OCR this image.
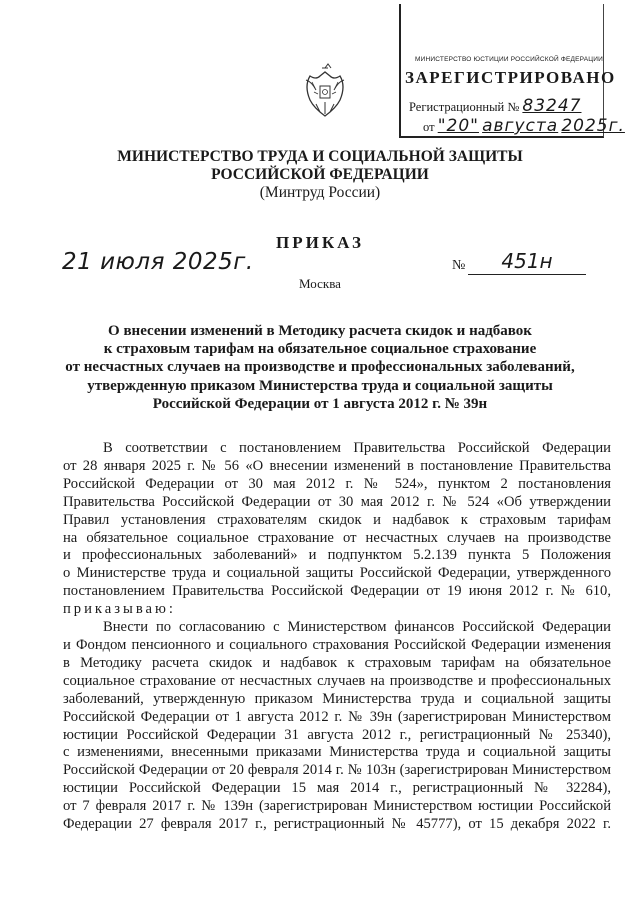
МИНИСТЕРСТВО ЮСТИЦИИ РОССИЙСКОЙ ФЕДЕРАЦИИ
ЗАРЕГИСТРИРОВАНО
Регистрационный № 83247
от "20" августа 2025г.
МИНИСТЕРСТВО ТРУДА И СОЦИАЛЬНОЙ ЗАЩИТЫ
РОССИЙСКОЙ ФЕДЕРАЦИИ
(Минтруд России)
ПРИКАЗ
21 июля 2025г.	№	451н
Москва
О внесении изменений в Методику расчета скидок и надбавок
к страховым тарифам на обязательное социальное страхование
от несчастных случаев на производстве и профессиональных заболеваний,
утвержденную приказом Министерства труда и социальной защиты
Российской Федерации от 1 августа 2012 г. № 39н

В соответствии с постановлением Правительства Российской Федерации
от 28 января 2025 г. № 56 «О внесении изменений в постановление Правительства
Российской Федерации от 30 мая 2012 г. № 524», пунктом 2 постановления
Правительства Российской Федерации от 30 мая 2012 г. № 524 «Об утверждении
Правил установления страхователям скидок и надбавок к страховым тарифам
на обязательное социальное страхование от несчастных случаев на производстве
и профессиональных заболеваний» и подпунктом 5.2.139 пункта 5 Положения
о Министерстве труда и социальной защиты Российской Федерации, утвержденного
постановлением Правительства Российской Федерации от 19 июня 2012 г. № 610,
приказываю:

Внести по согласованию с Министерством финансов Российской Федерации
и Фондом пенсионного и социального страхования Российской Федерации изменения
в Методику расчета скидок и надбавок к страховым тарифам на обязательное
социальное страхование от несчастных случаев на производстве и профессиональных
заболеваний, утвержденную приказом Министерства труда и социальной защиты
Российской Федерации от 1 августа 2012 г. № 39н (зарегистрирован Министерством
юстиции Российской Федерации 31 августа 2012 г., регистрационный № 25340),
с изменениями, внесенными приказами Министерства труда и социальной защиты
Российской Федерации от 20 февраля 2014 г. № 103н (зарегистрирован Министерством
юстиции Российской Федерации 15 мая 2014 г., регистрационный № 32284),
от 7 февраля 2017 г. № 139н (зарегистрирован Министерством юстиции Российской
Федерации 27 февраля 2017 г., регистрационный № 45777), от 15 декабря 2022 г.
